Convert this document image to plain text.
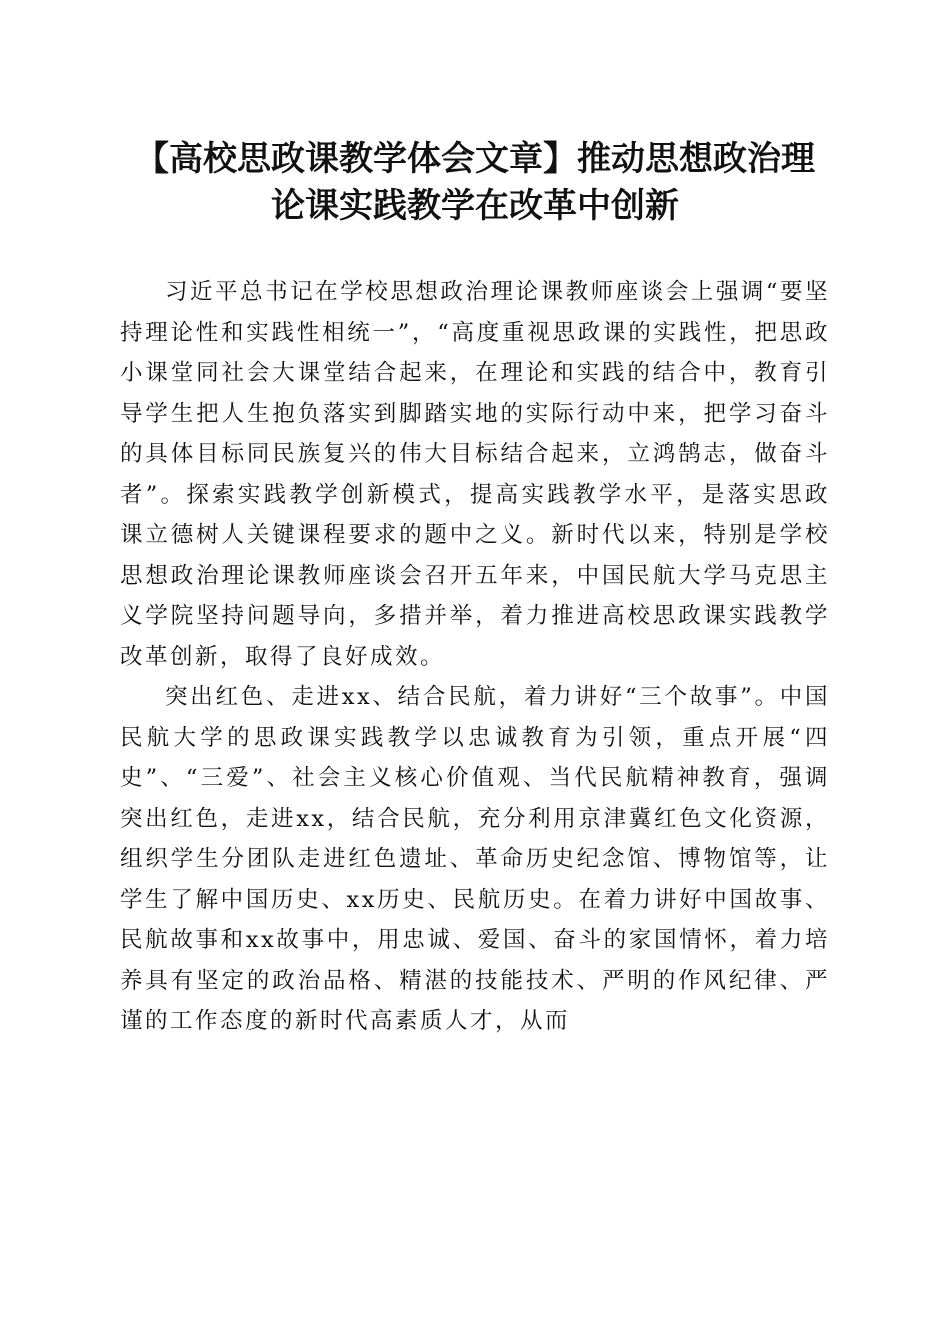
【高校思政课教学体会文章】推动思想政治理
论课实践教学在改革中创新

习近平总书记在学校思想政治理论课教师座谈会上强调“要坚持理论性和实践性相统一”，“高度重视思政课的实践性，把思政小课堂同社会大课堂结合起来，在理论和实践的结合中，教育引导学生把人生抱负落实到脚踏实地的实际行动中来，把学习奋斗的具体目标同民族复兴的伟大目标结合起来，立鸿鹄志，做奋斗者”。探索实践教学创新模式，提高实践教学水平，是落实思政课立德树人关键课程要求的题中之义。新时代以来，特别是学校思想政治理论课教师座谈会召开五年来，中国民航大学马克思主义学院坚持问题导向，多措并举，着力推进高校思政课实践教学改革创新，取得了良好成效。

突出红色、走进xx、结合民航，着力讲好“三个故事”。中国民航大学的思政课实践教学以忠诚教育为引领，重点开展“四史”、“三爱”、社会主义核心价值观、当代民航精神教育，强调突出红色，走进xx，结合民航，充分利用京津冀红色文化资源，组织学生分团队走进红色遗址、革命历史纪念馆、博物馆等，让学生了解中国历史、xx历史、民航历史。在着力讲好中国故事、民航故事和xx故事中，用忠诚、爱国、奋斗的家国情怀，着力培养具有坚定的政治品格、精湛的技能技术、严明的作风纪律、严谨的工作态度的新时代高素质人才，从而
